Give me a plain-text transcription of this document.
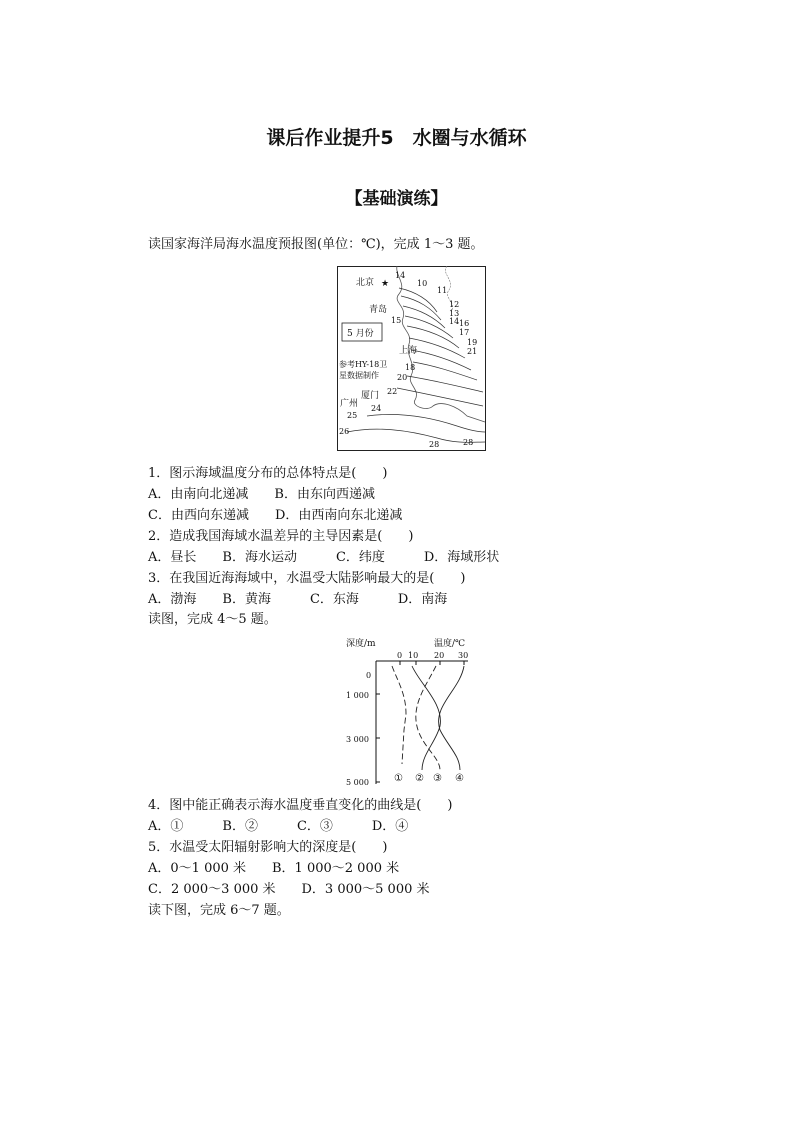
课后作业提升5　水圈与水循环
【基础演练】
读国家海洋局海水温度预报图(单位：℃)，完成 1～3 题。
★
北京
青岛
上海
厦门
广州
5 月份
参考HY-18卫
星数据制作
14
10
11
12
13
14
15	16
17
19
21
18
20
22
24
25
26
28	28
1．图示海域温度分布的总体特点是(　　)
A．由南向北递减　　B．由东向西递减
C．由西向东递减　　D．由西南向东北递减
2．造成我国海域水温差异的主导因素是(　　)
A．昼长　　B．海水运动　　　C．纬度　　　D．海域形状
3．在我国近海海域中，水温受大陆影响最大的是(　　)
A．渤海　　B．黄海　　　C．东海　　　D．南海
读图，完成 4～5 题。
深度/m	温度/℃
0 10 20 30
0
1 000
3 000
5 000	① ② ③ ④
4．图中能正确表示海水温度垂直变化的曲线是(　　)
A．①　　　B．②　　　C．③　　　D．④
5．水温受太阳辐射影响大的深度是(　　)
A．0～1 000 米　　B．1 000～2 000 米
C．2 000～3 000 米　　D．3 000～5 000 米
读下图，完成 6～7 题。
